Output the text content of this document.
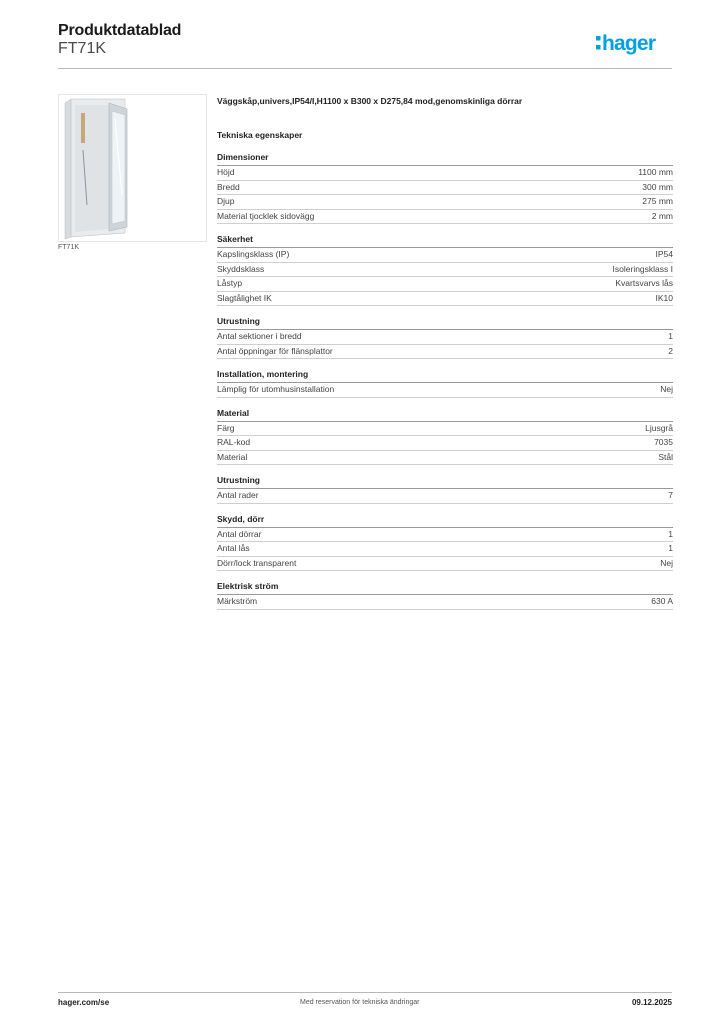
Produktdatablad
FT71K	hager
FT71K
Väggskåp,univers,IP54/I,H1100 x B300 x D275,84 mod,genomskinliga dörrar
Tekniska egenskaper
Dimensioner
Höjd	1100 mm
Bredd	300 mm
Djup	275 mm
Material tjocklek sidovägg	2 mm
Säkerhet
Kapslingsklass (IP)	IP54
Skyddsklass	Isoleringsklass I
Låstyp	Kvartsvarvs lås
Slagtålighet IK	IK10
Utrustning
Antal sektioner i bredd	1
Antal öppningar för flänsplattor	2
Installation, montering
Lämplig för utomhusinstallation	Nej
Material
Färg	Ljusgrå
RAL-kod	7035
Material	Stål
Utrustning
Antal rader	7
Skydd, dörr
Antal dörrar	1
Antal lås	1
Dörr/lock transparent	Nej
Elektrisk ström
Märkström	630 A
hager.com/se	Med reservation för tekniska ändringar	09.12.2025
